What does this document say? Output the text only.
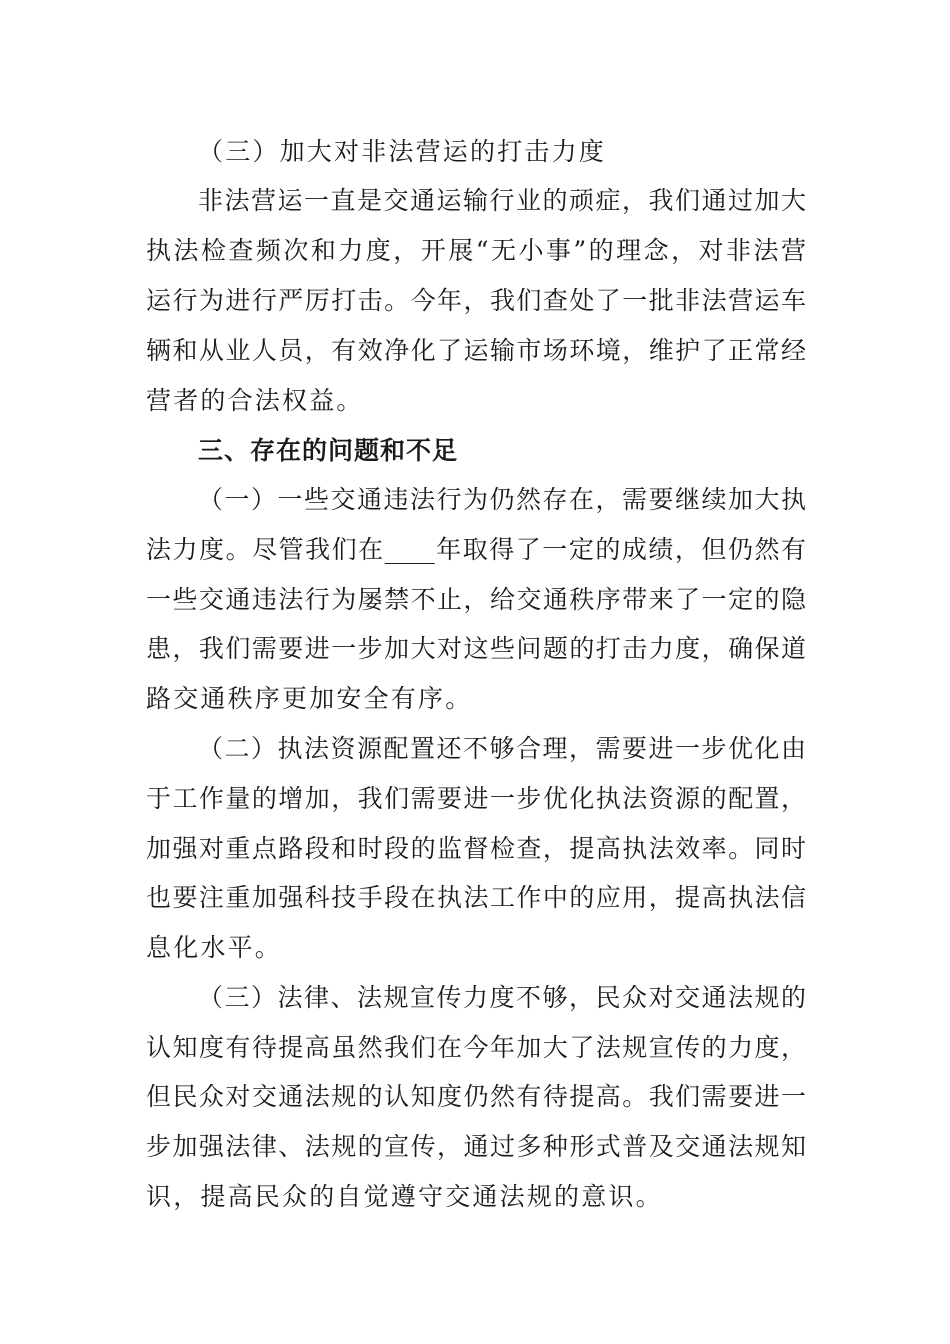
（三）加大对非法营运的打击力度
非法营运一直是交通运输行业的顽症，我们通过加大
执法检查频次和力度，开展“无小事”的理念，对非法营
运行为进行严厉打击。今年，我们查处了一批非法营运车
辆和从业人员，有效净化了运输市场环境，维护了正常经
营者的合法权益。
三、存在的问题和不足
（一）一些交通违法行为仍然存在，需要继续加大执
法力度。尽管我们在____年取得了一定的成绩，但仍然有
一些交通违法行为屡禁不止，给交通秩序带来了一定的隐
患，我们需要进一步加大对这些问题的打击力度，确保道
路交通秩序更加安全有序。
（二）执法资源配置还不够合理，需要进一步优化由
于工作量的增加，我们需要进一步优化执法资源的配置，
加强对重点路段和时段的监督检查，提高执法效率。同时
也要注重加强科技手段在执法工作中的应用，提高执法信
息化水平。
（三）法律、法规宣传力度不够，民众对交通法规的
认知度有待提高虽然我们在今年加大了法规宣传的力度，
但民众对交通法规的认知度仍然有待提高。我们需要进一
步加强法律、法规的宣传，通过多种形式普及交通法规知
识，提高民众的自觉遵守交通法规的意识。
